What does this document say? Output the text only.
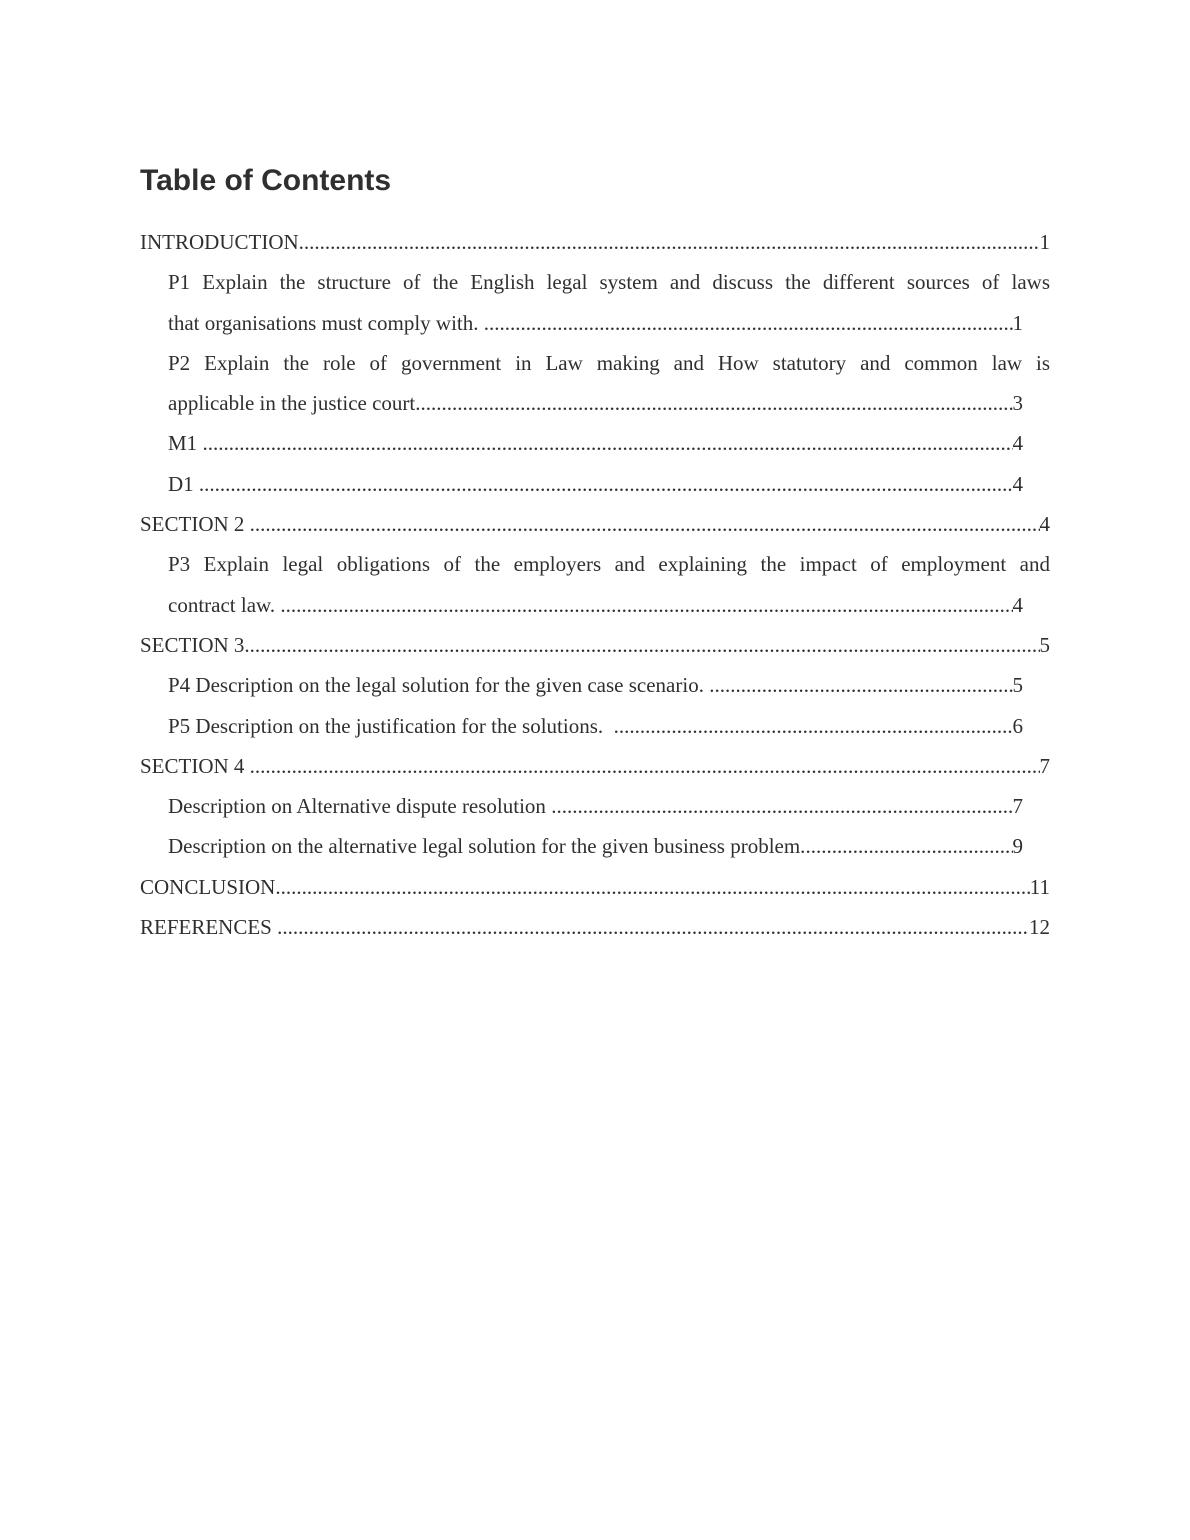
Table of Contents
INTRODUCTION .....	1
P1 Explain the structure of the English legal system and discuss the different sources of laws
that organisations must comply with. .....	1
P2 Explain the role of government in Law making and How statutory and common law is
applicable in the justice court .....	3
M1 .....	4
D1 .....	4
SECTION 2 .....	4
P3 Explain legal obligations of the employers and explaining the impact of employment and
contract law. .....	4
SECTION 3 .....	5
P4 Description on the legal solution for the given case scenario. .....	5
P5 Description on the justification for the solutions. .....	6
SECTION 4 .....	7
Description on Alternative dispute resolution .....	7
Description on the alternative legal solution for the given business problem. .....	9
CONCLUSION .....	11
REFERENCES .....	12
